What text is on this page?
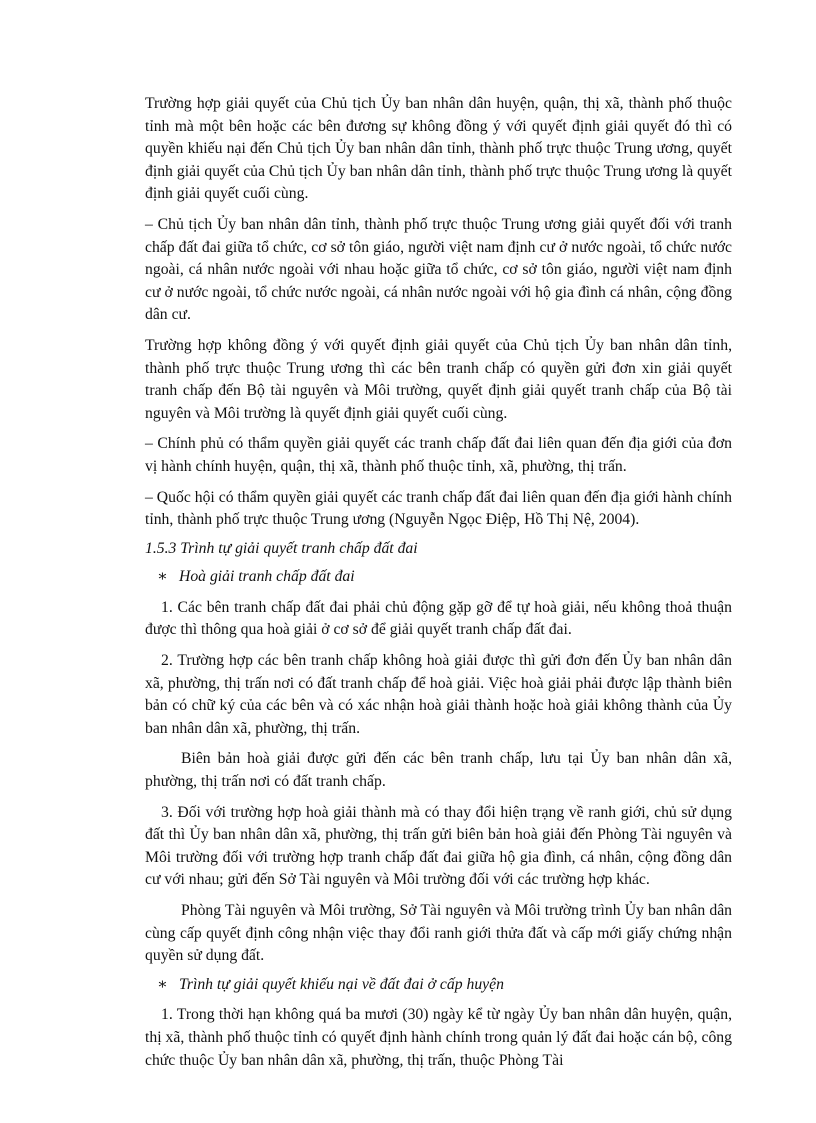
Trường hợp giải quyết của Chủ tịch Ủy ban nhân dân huyện, quận, thị xã, thành phố thuộc tỉnh mà một bên hoặc các bên đương sự không đồng ý với quyết định giải quyết đó thì có quyền khiếu nại đến Chủ tịch Ủy ban nhân dân tỉnh, thành phố trực thuộc Trung ương, quyết định giải quyết của Chủ tịch Ủy ban nhân dân tỉnh, thành phố trực thuộc Trung ương là quyết định giải quyết cuối cùng.

– Chủ tịch Ủy ban nhân dân tỉnh, thành phố trực thuộc Trung ương giải quyết đối với tranh chấp đất đai giữa tổ chức, cơ sở tôn giáo, người việt nam định cư ở nước ngoài, tổ chức nước ngoài, cá nhân nước ngoài với nhau hoặc giữa tổ chức, cơ sở tôn giáo, người việt nam định cư ở nước ngoài, tổ chức nước ngoài, cá nhân nước ngoài với hộ gia đình cá nhân, cộng đồng dân cư.

Trường hợp không đồng ý với quyết định giải quyết của Chủ tịch Ủy ban nhân dân tỉnh, thành phố trực thuộc Trung ương thì các bên tranh chấp có quyền gửi đơn xin giải quyết tranh chấp đến Bộ tài nguyên và Môi trường, quyết định giải quyết tranh chấp của Bộ tài nguyên và Môi trường là quyết định giải quyết cuối cùng.

– Chính phủ có thẩm quyền giải quyết các tranh chấp đất đai liên quan đến địa giới của đơn vị hành chính huyện, quận, thị xã, thành phố thuộc tỉnh, xã, phường, thị trấn.

– Quốc hội có thẩm quyền giải quyết các tranh chấp đất đai liên quan đến địa giới hành chính tỉnh, thành phố trực thuộc Trung ương (Nguyễn Ngọc Điệp, Hồ Thị Nệ, 2004).

1.5.3 Trình tự giải quyết tranh chấp đất đai

∗ Hoà giải tranh chấp đất đai

1. Các bên tranh chấp đất đai phải chủ động gặp gỡ để tự hoà giải, nếu không thoả thuận được thì thông qua hoà giải ở cơ sở để giải quyết tranh chấp đất đai.

2. Trường hợp các bên tranh chấp không hoà giải được thì gửi đơn đến Ủy ban nhân dân xã, phường, thị trấn nơi có đất tranh chấp để hoà giải. Việc hoà giải phải được lập thành biên bản có chữ ký của các bên và có xác nhận hoà giải thành hoặc hoà giải không thành của Ủy ban nhân dân xã, phường, thị trấn.

Biên bản hoà giải được gửi đến các bên tranh chấp, lưu tại Ủy ban nhân dân xã, phường, thị trấn nơi có đất tranh chấp.

3. Đối với trường hợp hoà giải thành mà có thay đổi hiện trạng về ranh giới, chủ sử dụng đất thì Ủy ban nhân dân xã, phường, thị trấn gửi biên bản hoà giải đến Phòng Tài nguyên và Môi trường đối với trường hợp tranh chấp đất đai giữa hộ gia đình, cá nhân, cộng đồng dân cư với nhau; gửi đến Sở Tài nguyên và Môi trường đối với các trường hợp khác.

Phòng Tài nguyên và Môi trường, Sở Tài nguyên và Môi trường trình Ủy ban nhân dân cùng cấp quyết định công nhận việc thay đổi ranh giới thửa đất và cấp mới giấy chứng nhận quyền sử dụng đất.

∗ Trình tự giải quyết khiếu nại về đất đai ở cấp huyện

1. Trong thời hạn không quá ba mươi (30) ngày kể từ ngày Ủy ban nhân dân huyện, quận, thị xã, thành phố thuộc tỉnh có quyết định hành chính trong quản lý đất đai hoặc cán bộ, công chức thuộc Ủy ban nhân dân xã, phường, thị trấn, thuộc Phòng Tài
